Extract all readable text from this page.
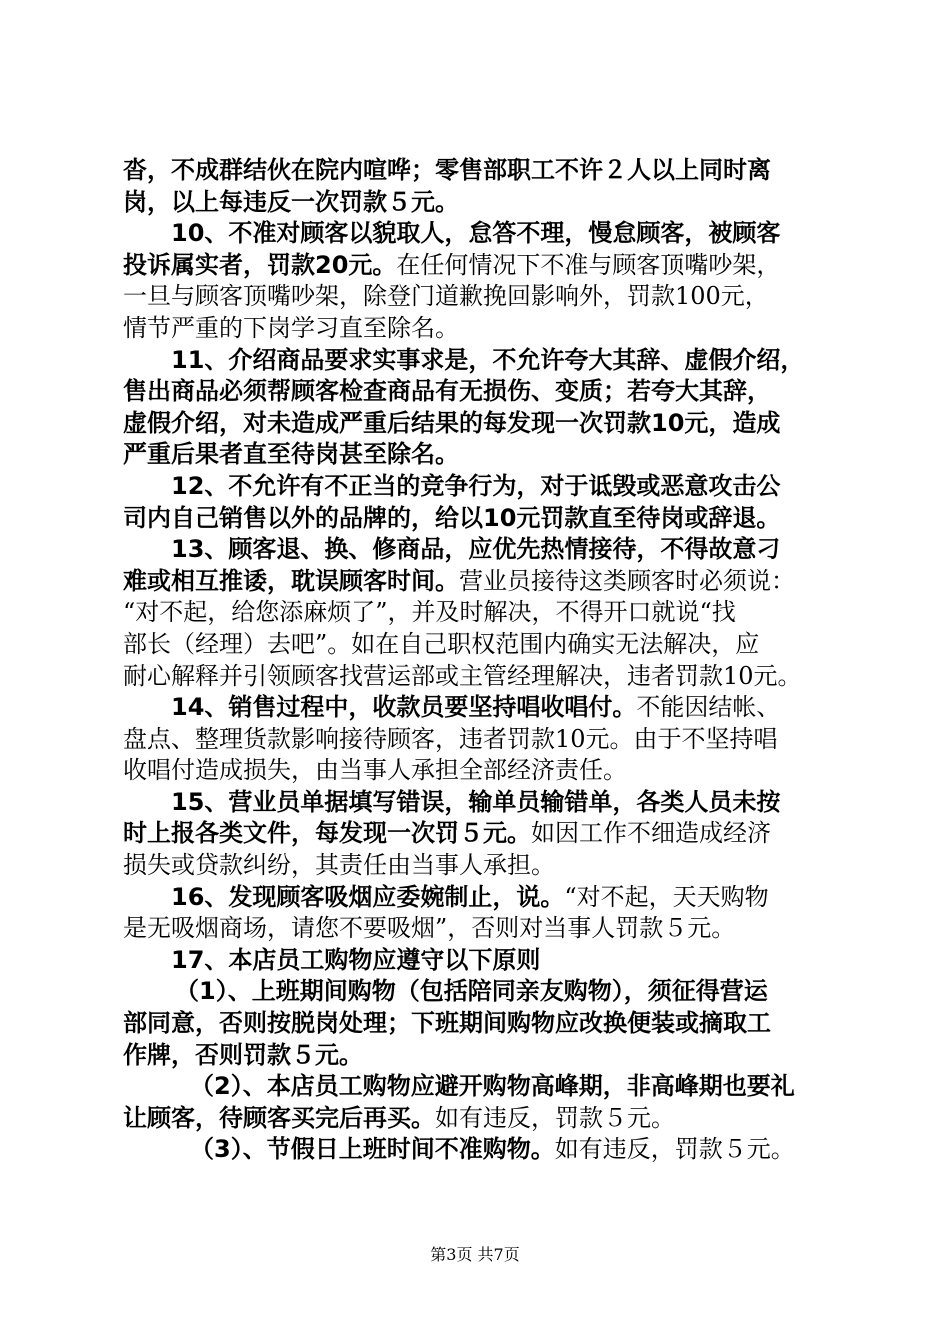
沓，不成群结伙在院内喧哗；零售部职工不许２人以上同时离
岗，以上每违反一次罚款５元。
10、不准对顾客以貌取人，怠答不理，慢怠顾客，被顾客
投诉属实者，罚款20元。在任何情况下不准与顾客顶嘴吵架，
一旦与顾客顶嘴吵架，除登门道歉挽回影响外，罚款100元，
情节严重的下岗学习直至除名。
11、介绍商品要求实事求是，不允许夸大其辞、虚假介绍，
售出商品必须帮顾客检查商品有无损伤、变质；若夸大其辞，
虚假介绍，对未造成严重后结果的每发现一次罚款10元，造成
严重后果者直至待岗甚至除名。
12、不允许有不正当的竞争行为，对于诋毁或恶意攻击公
司内自己销售以外的品牌的，给以10元罚款直至待岗或辞退。
13、顾客退、换、修商品，应优先热情接待，不得故意刁
难或相互推诿，耽误顾客时间。营业员接待这类顾客时必须说：
“对不起，给您添麻烦了”，并及时解决，不得开口就说“找
部长（经理）去吧”。如在自己职权范围内确实无法解决，应
耐心解释并引领顾客找营运部或主管经理解决，违者罚款10元。
14、销售过程中，收款员要坚持唱收唱付。不能因结帐、
盘点、整理货款影响接待顾客，违者罚款10元。由于不坚持唱
收唱付造成损失，由当事人承担全部经济责任。
15、营业员单据填写错误，输单员输错单，各类人员未按
时上报各类文件，每发现一次罚５元。如因工作不细造成经济
损失或贷款纠纷，其责任由当事人承担。
16、发现顾客吸烟应委婉制止，说。“对不起，天天购物
是无吸烟商场，请您不要吸烟”，否则对当事人罚款５元。
17、本店员工购物应遵守以下原则
（1）、上班期间购物（包括陪同亲友购物），须征得营运
部同意，否则按脱岗处理；下班期间购物应改换便装或摘取工
作牌，否则罚款５元。
（2）、本店员工购物应避开购物高峰期，非高峰期也要礼
让顾客，待顾客买完后再买。如有违反，罚款５元。
（3）、节假日上班时间不准购物。如有违反，罚款５元。
第3页 共7页
